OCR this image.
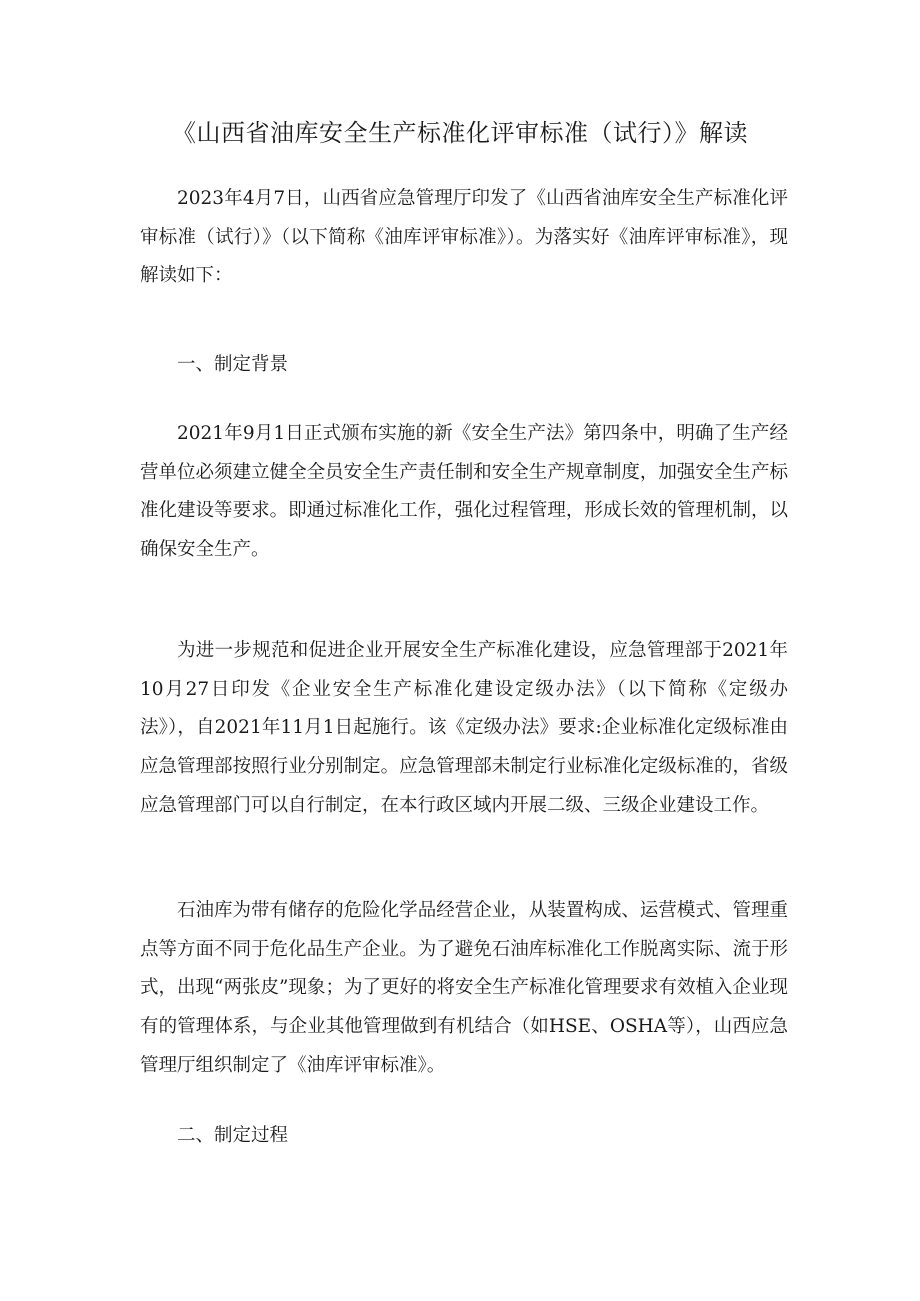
《山西省油库安全生产标准化评审标准（试行）》解读

2023年4月7日，山西省应急管理厅印发了《山西省油库安全生产标准化评审标准（试行）》（以下简称《油库评审标准》）。为落实好《油库评审标准》，现解读如下：

一、制定背景

2021年9月1日正式颁布实施的新《安全生产法》第四条中，明确了生产经营单位必须建立健全全员安全生产责任制和安全生产规章制度，加强安全生产标准化建设等要求。即通过标准化工作，强化过程管理，形成长效的管理机制，以确保安全生产。

为进一步规范和促进企业开展安全生产标准化建设，应急管理部于2021年10月27日印发《企业安全生产标准化建设定级办法》（以下简称《定级办法》），自2021年11月1日起施行。该《定级办法》要求:企业标准化定级标准由应急管理部按照行业分别制定。应急管理部未制定行业标准化定级标准的，省级应急管理部门可以自行制定，在本行政区域内开展二级、三级企业建设工作。

石油库为带有储存的危险化学品经营企业，从装置构成、运营模式、管理重点等方面不同于危化品生产企业。为了避免石油库标准化工作脱离实际、流于形式，出现“两张皮”现象；为了更好的将安全生产标准化管理要求有效植入企业现有的管理体系，与企业其他管理做到有机结合（如HSE、OSHA等），山西应急管理厅组织制定了《油库评审标准》。

二、制定过程
